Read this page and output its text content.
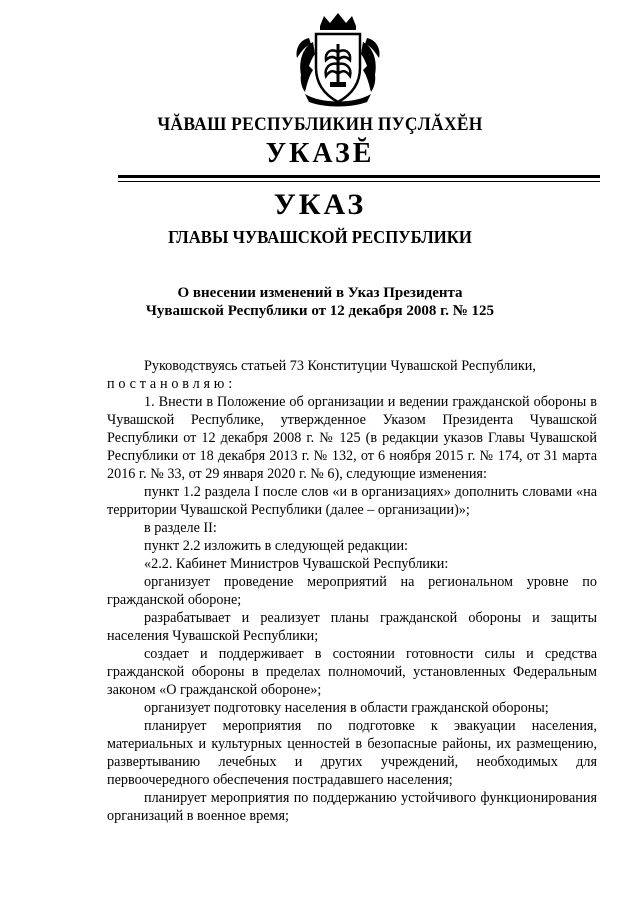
ЧĂВАШ РЕСПУБЛИКИН ПУÇЛĂХĔН
УКАЗĔ
УКАЗ
ГЛАВЫ ЧУВАШСКОЙ РЕСПУБЛИКИ
О внесении изменений в Указ Президента
Чувашской Республики от 12 декабря 2008 г. № 125

Руководствуясь статьей 73 Конституции Чувашской Республики,

постановляю:

1. Внести в Положение об организации и ведении гражданской обороны в Чувашской Республике, утвержденное Указом Президента Чувашской Республики от 12 декабря 2008 г. № 125 (в редакции указов Главы Чувашской Республики от 18 декабря 2013 г. № 132, от 6 ноября 2015 г. № 174, от 31 марта 2016 г. № 33, от 29 января 2020 г. № 6), следующие изменения:

пункт 1.2 раздела I после слов «и в организациях» дополнить словами «на территории Чувашской Республики (далее – организации)»;

в разделе II:

пункт 2.2 изложить в следующей редакции:

«2.2. Кабинет Министров Чувашской Республики:

организует проведение мероприятий на региональном уровне по гражданской обороне;

разрабатывает и реализует планы гражданской обороны и защиты населения Чувашской Республики;

создает и поддерживает в состоянии готовности силы и средства гражданской обороны в пределах полномочий, установленных Федеральным законом «О гражданской обороне»;

организует подготовку населения в области гражданской обороны;

планирует мероприятия по подготовке к эвакуации населения, материальных и культурных ценностей в безопасные районы, их размещению, развертыванию лечебных и других учреждений, необходимых для первоочередного обеспечения пострадавшего населения;

планирует мероприятия по поддержанию устойчивого функционирования организаций в военное время;
